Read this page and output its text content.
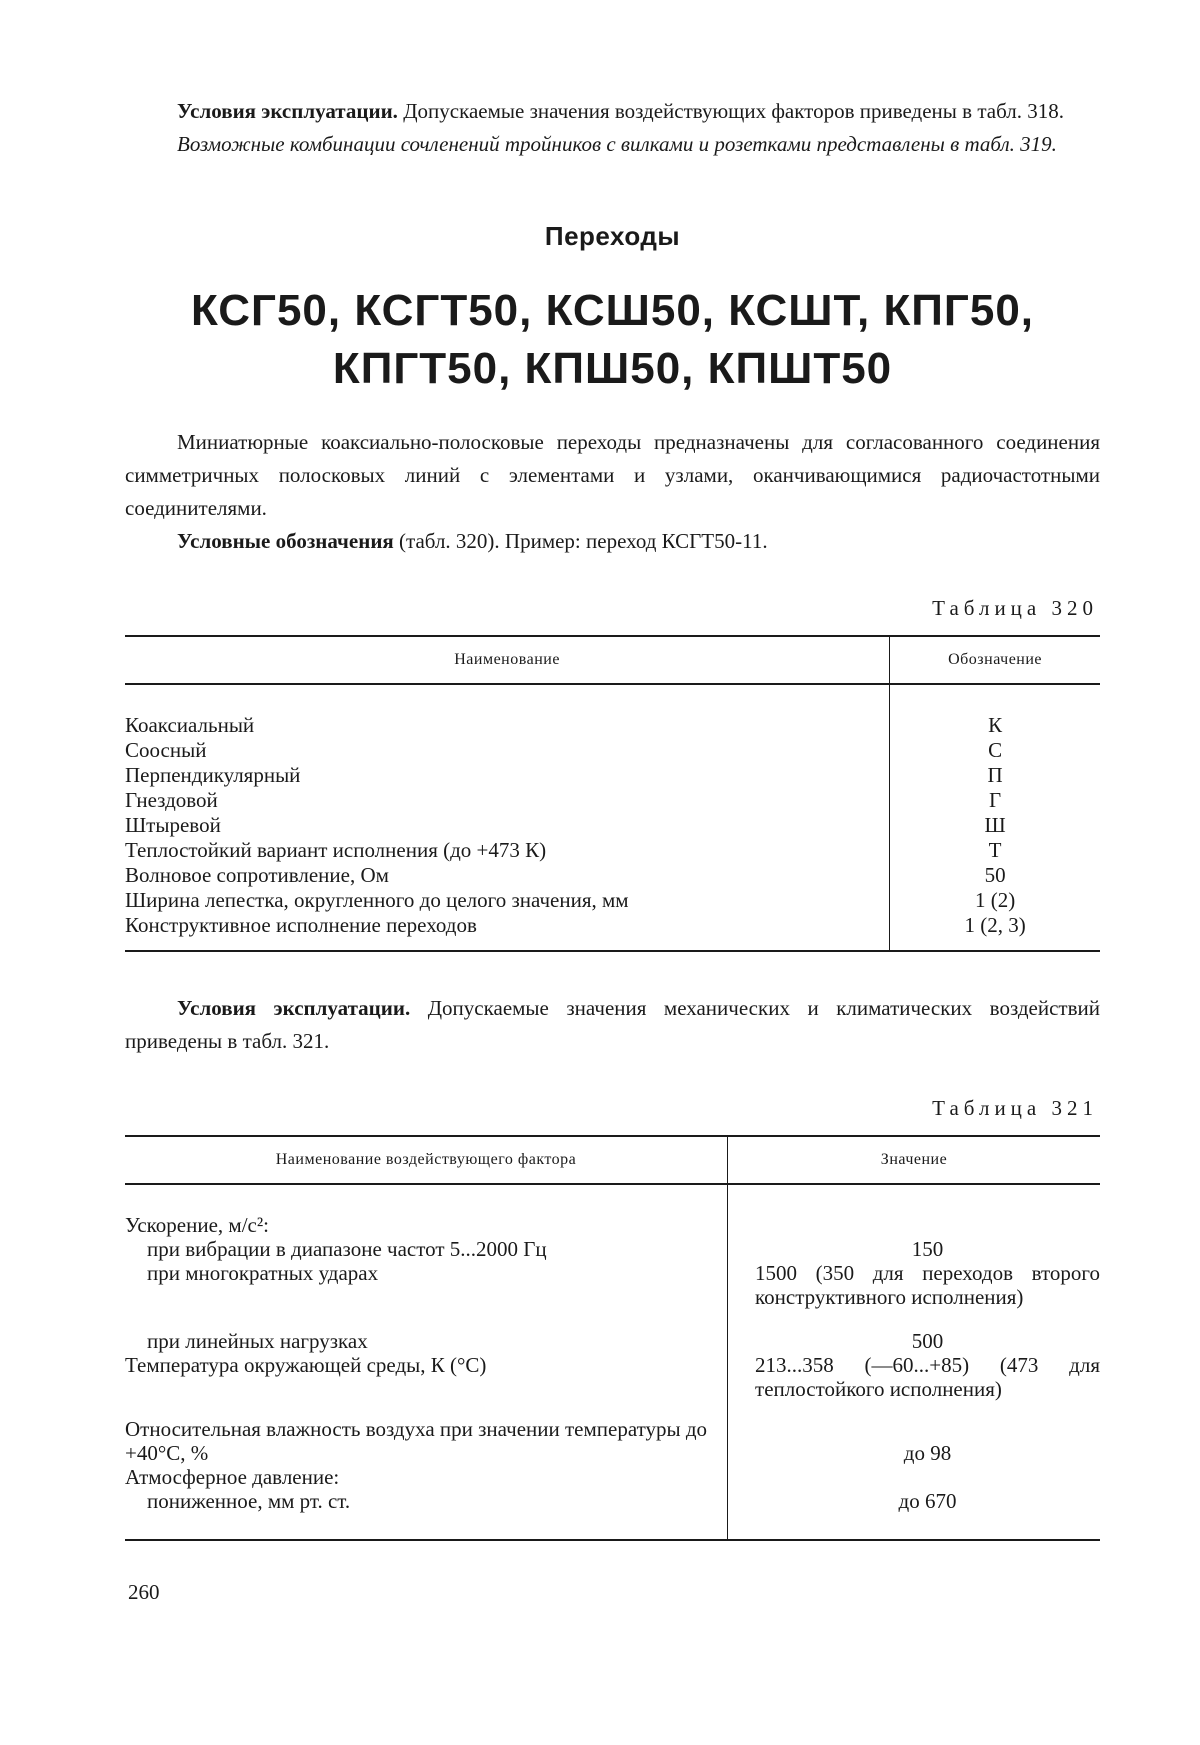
Условия эксплуатации. Допускаемые значения воздействующих факторов приведены в табл. 318.

Возможные комбинации сочленений тройников с вилками и розетками представлены в табл. 319.

Переходы
КСГ50, КСГТ50, КСШ50, КСШТ, КПГ50,
КПГТ50, КПШ50, КПШТ50

Миниатюрные коаксиально-полосковые переходы предназначены для согласованного соединения симметричных полосковых линий с элементами и узлами, оканчивающимися радиочастотными соединителями.

Условные обозначения (табл. 320). Пример: переход КСГТ50-11.

Таблица 320
Наименование	Обозначение
Коаксиальный	К
Соосный	С
Перпендикулярный	П
Гнездовой	Г
Штыревой	Ш
Теплостойкий вариант исполнения (до +473 К)	Т
Волновое сопротивление, Ом	50
Ширина лепестка, округленного до целого значения, мм	1 (2)
Конструктивное исполнение переходов	1 (2, 3)

Условия эксплуатации. Допускаемые значения механических и климатических воздействий приведены в табл. 321.

Таблица 321
Наименование воздействующего фактора	Значение
Ускорение, м/с²:	
при вибрации в диапазоне частот 5...2000 Гц	150
при многократных ударах	1500 (350 для переходов второго конструктивного исполнения)
при линейных нагрузках	500
Температура окружающей среды, К (°С)	213...358 (—60...+85) (473 для теплостойкого исполнения)
Относительная влажность воздуха при значении температуры до +40°С, %	до 98
Атмосферное давление:	
пониженное, мм рт. ст.	до 670
260
